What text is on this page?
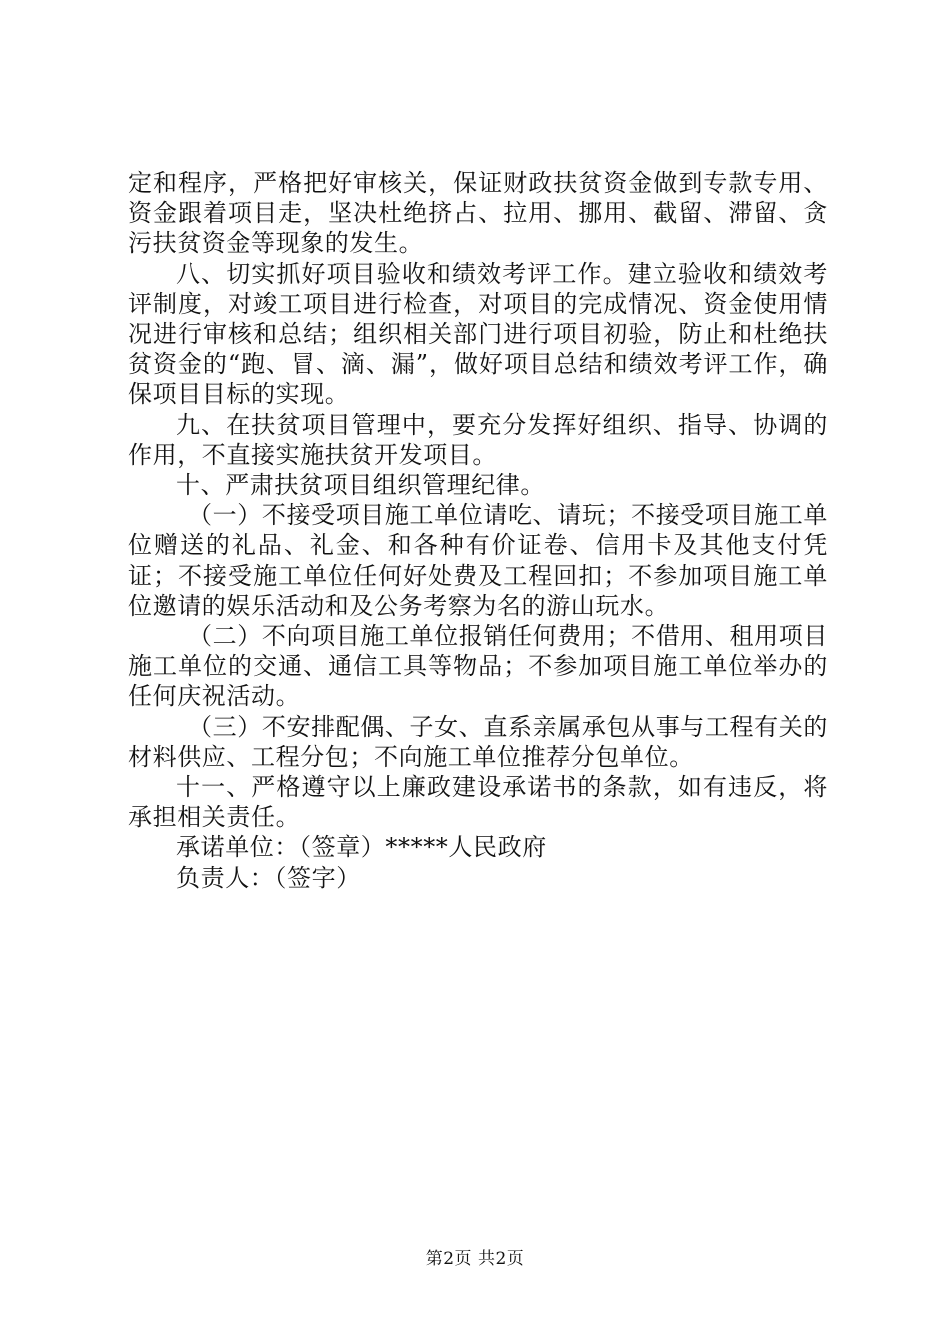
定和程序，严格把好审核关，保证财政扶贫资金做到专款专用、资金跟着项目走，坚决杜绝挤占、拉用、挪用、截留、滞留、贪污扶贫资金等现象的发生。

八、切实抓好项目验收和绩效考评工作。建立验收和绩效考评制度，对竣工项目进行检查，对项目的完成情况、资金使用情况进行审核和总结；组织相关部门进行项目初验，防止和杜绝扶贫资金的“跑、冒、滴、漏”，做好项目总结和绩效考评工作，确保项目目标的实现。

九、在扶贫项目管理中，要充分发挥好组织、指导、协调的作用，不直接实施扶贫开发项目。

十、严肃扶贫项目组织管理纪律。

（一）不接受项目施工单位请吃、请玩；不接受项目施工单位赠送的礼品、礼金、和各种有价证卷、信用卡及其他支付凭证；不接受施工单位任何好处费及工程回扣；不参加项目施工单位邀请的娱乐活动和及公务考察为名的游山玩水。

（二）不向项目施工单位报销任何费用；不借用、租用项目施工单位的交通、通信工具等物品；不参加项目施工单位举办的任何庆祝活动。

（三）不安排配偶、子女、直系亲属承包从事与工程有关的材料供应、工程分包；不向施工单位推荐分包单位。

十一、严格遵守以上廉政建设承诺书的条款，如有违反，将承担相关责任。

承诺单位：（签章）*****人民政府

负责人：（签字）

第2页 共2页
